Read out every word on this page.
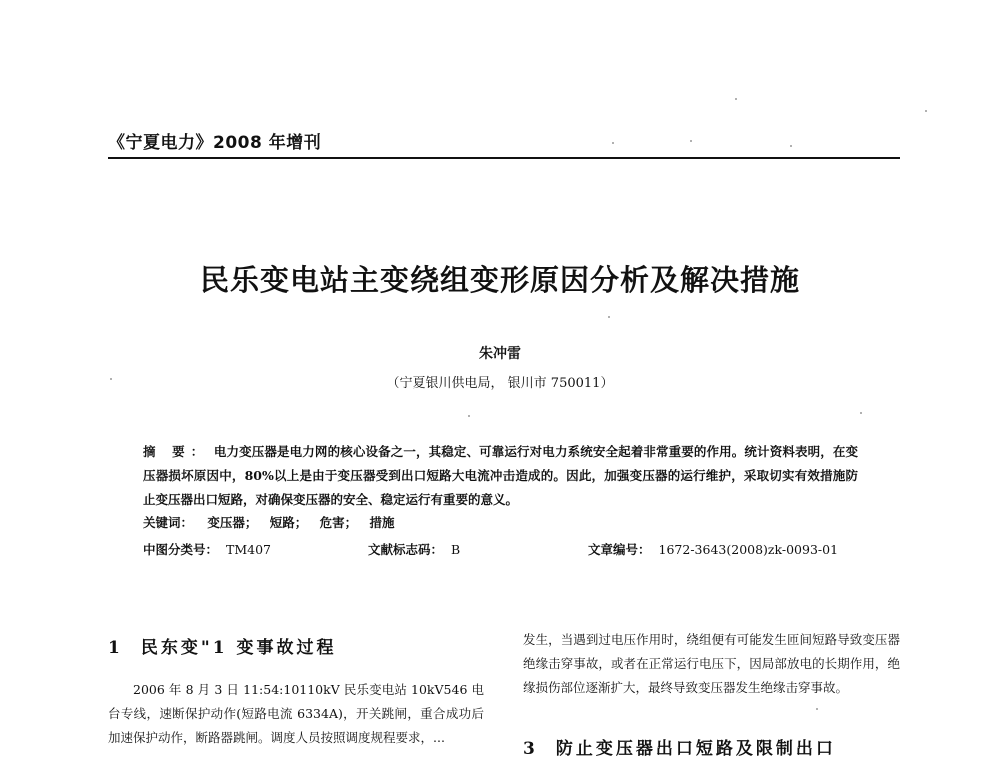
《宁夏电力》2008 年增刊
民乐变电站主变绕组变形原因分析及解决措施
朱冲雷
（宁夏银川供电局， 银川市 750011）
摘 要： 电力变压器是电力网的核心设备之一，其稳定、可靠运行对电力系统安全起着非常重要的作用。统计资料表明，在变压器损坏原因中，80%以上是由于变压器受到出口短路大电流冲击造成的。因此，加强变压器的运行维护，采取切实有效措施防止变压器出口短路，对确保变压器的安全、稳定运行有重要的意义。
关键词： 变压器； 短路； 危害； 措施
中图分类号： TM407	文献标志码： B	文章编号： 1672-3643(2008)zk-0093-01
1 民东变"1 变事故过程
2006 年 8 月 3 日 11:54:10110kV 民乐变电站 10kV546 电台专线，速断保护动作(短路电流 6334A)，开关跳闸，重合成功后加速保护动作，断路器跳闸。调度人员按照调度规程要求，...
发生，当遇到过电压作用时，绕组便有可能发生匝间短路导致变压器绝缘击穿事故，或者在正常运行电压下，因局部放电的长期作用，绝缘损伤部位逐渐扩大，最终导致变压器发生绝缘击穿事故。
3 防止变压器出口短路及限制出口
